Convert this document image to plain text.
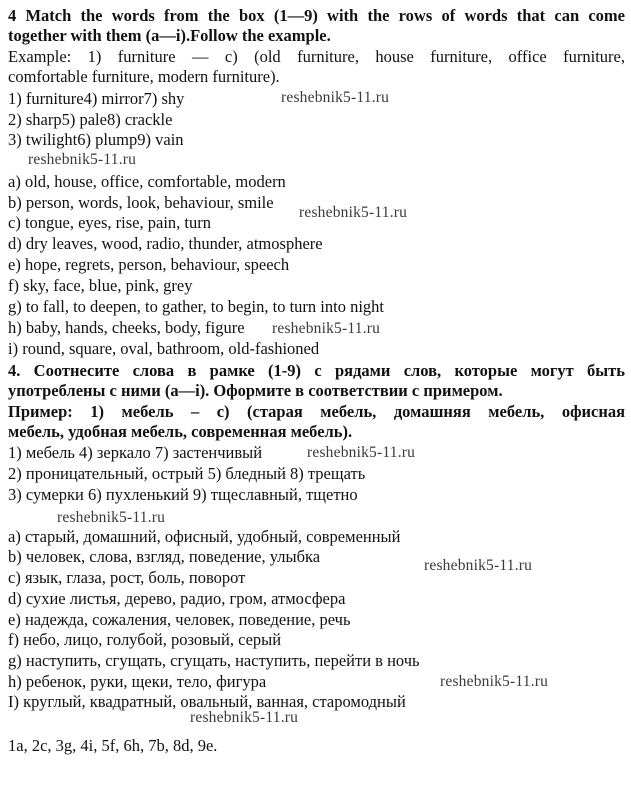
4 Match the words from the box (1—9) with the rows of words that can come
together with them (a—i).Follow the example.
Example: 1) furniture — c) (old furniture, house furniture, office furniture,
comfortable furniture, modern furniture).
1) furniture4) mirror7) shy
2) sharp5) pale8) crackle
3) twilight6) plump9) vain
a) old, house, office, comfortable, modern
b) person, words, look, behaviour, smile
c) tongue, eyes, rise, pain, turn
d) dry leaves, wood, radio, thunder, atmosphere
e) hope, regrets, person, behaviour, speech
f) sky, face, blue, pink, grey
g) to fall, to deepen, to gather, to begin, to turn into night
h) baby, hands, cheeks, body, figure
i) round, square, oval, bathroom, old-fashioned
4. Соотнесите слова в рамке (1-9) с рядами слов, которые могут быть
употреблены с ними (а—i). Оформите в соответствии с примером.
Пример: 1) мебель – с) (старая мебель, домашняя мебель, офисная
мебель, удобная мебель, современная мебель).
1) мебель 4) зеркало 7) застенчивый
2) проницательный, острый 5) бледный 8) трещать
3) сумерки 6) пухленький 9) тщеславный, тщетно
a) старый, домашний, офисный, удобный, современный
b) человек, слова, взгляд, поведение, улыбка
c) язык, глаза, рост, боль, поворот
d) сухие листья, дерево, радио, гром, атмосфера
e) надежда, сожаления, человек, поведение, речь
f) небо, лицо, голубой, розовый, серый
g) наступить, сгущать, сгущать, наступить, перейти в ночь
h) ребенок, руки, щеки, тело, фигура
I) круглый, квадратный, овальный, ванная, старомодный
1a, 2c, 3g, 4i, 5f, 6h, 7b, 8d, 9e.
reshebnik5-11.ru
reshebnik5-11.ru
reshebnik5-11.ru
reshebnik5-11.ru
reshebnik5-11.ru
reshebnik5-11.ru
reshebnik5-11.ru
reshebnik5-11.ru
reshebnik5-11.ru
